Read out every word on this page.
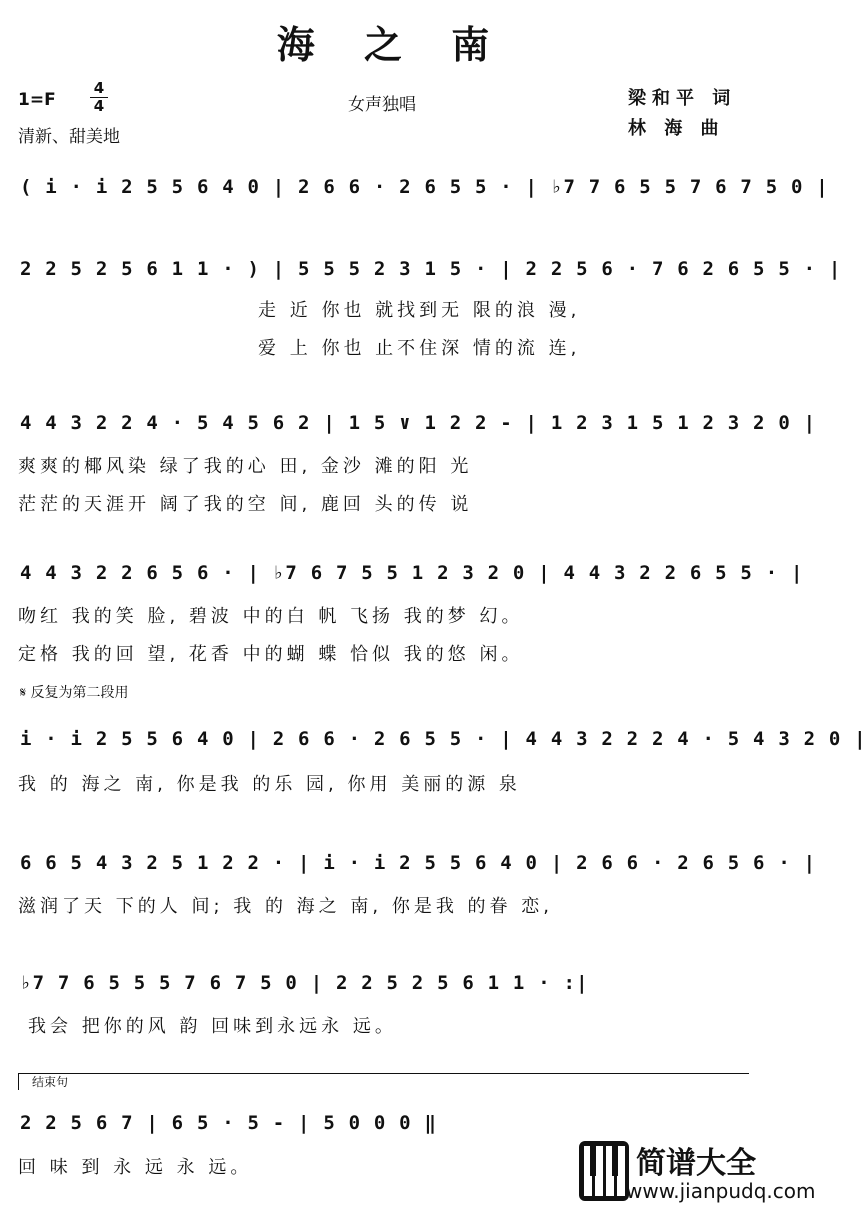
海 之 南
1=F
4
4
清新、甜美地
女声独唱	梁和平 词
林 海 曲
( i · i 2 5 5 6 4 0 | 2 6 6 · 2 6 5 5 · | ♭7 7 6 5 5 7 6 7 5 0 |
2 2 5 2 5 6 1 1 · ) | 5 5 5 2 3 1 5 · | 2 2 5 6 · 7 6 2 6 5 5 · |
走 近 你也 就找到无 限的浪 漫,
爱 上 你也 止不住深 情的流 连,
4 4 3 2 2 4 · 5 4 5 6 2 | 1 5 ∨ 1 2 2 - | 1 2 3 1 5 1 2 3 2 0 |
爽爽的椰风染 绿了我的心 田, 金沙 滩的阳 光
茫茫的天涯开 阔了我的空 间, 鹿回 头的传 说
4 4 3 2 2 6 5 6 · | ♭7 6 7 5 5 1 2 3 2 0 | 4 4 3 2 2 6 5 5 · |
吻红 我的笑 脸, 碧波 中的白 帆 飞扬 我的梦 幻。
定格 我的回 望, 花香 中的蝴 蝶 恰似 我的悠 闲。
𝄋 反复为第二段用
i · i 2 5 5 6 4 0 | 2 6 6 · 2 6 5 5 · | 4 4 3 2 2 2 4 · 5 4 3 2 0 |
我 的 海之 南, 你是我 的乐 园, 你用 美丽的源 泉
6 6 5 4 3 2 5 1 2 2 · | i · i 2 5 5 6 4 0 | 2 6 6 · 2 6 5 6 · |
滋润了天 下的人 间; 我 的 海之 南, 你是我 的眷 恋,
♭7 7 6 5 5 5 7 6 7 5 0 | 2 2 5 2 5 6 1 1 · :|
我会 把你的风 韵 回味到永远永 远。
结束句
2 2 5 6 7 | 6 5 · 5 - | 5 0 0 0 ‖
回 味 到 永 远 永 远。	简谱大全
www.jianpudq.com
